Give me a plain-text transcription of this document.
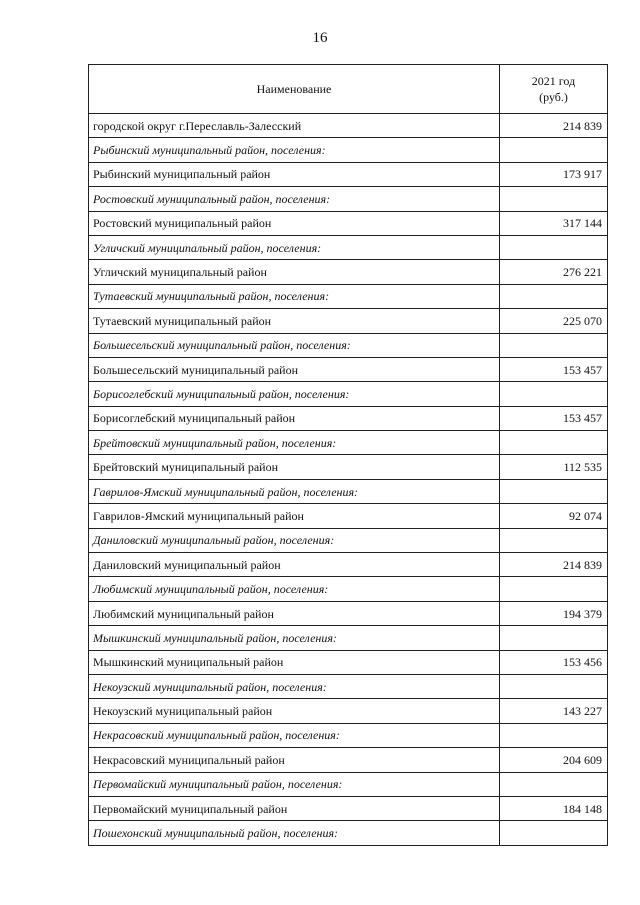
16
Наименование	2021 год
(руб.)
городской округ г.Переславль-Залесский	214 839
Рыбинский муниципальный район, поселения:	
Рыбинский муниципальный район	173 917
Ростовский муниципальный район, поселения:	
Ростовский муниципальный район	317 144
Угличский муниципальный район, поселения:	
Угличский муниципальный район	276 221
Тутаевский муниципальный район, поселения:	
Тутаевский муниципальный район	225 070
Большесельский муниципальный район, поселения:	
Большесельский муниципальный район	153 457
Борисоглебский муниципальный район, поселения:	
Борисоглебский муниципальный район	153 457
Брейтовский муниципальный район, поселения:	
Брейтовский муниципальный район	112 535
Гаврилов-Ямский муниципальный район, поселения:	
Гаврилов-Ямский муниципальный район	92 074
Даниловский муниципальный район, поселения:	
Даниловский муниципальный район	214 839
Любимский муниципальный район, поселения:	
Любимский муниципальный район	194 379
Мышкинский муниципальный район, поселения:	
Мышкинский муниципальный район	153 456
Некоузский муниципальный район, поселения:	
Некоузский муниципальный район	143 227
Некрасовский муниципальный район, поселения:	
Некрасовский муниципальный район	204 609
Первомайский муниципальный район, поселения:	
Первомайский муниципальный район	184 148
Пошехонский муниципальный район, поселения:	
